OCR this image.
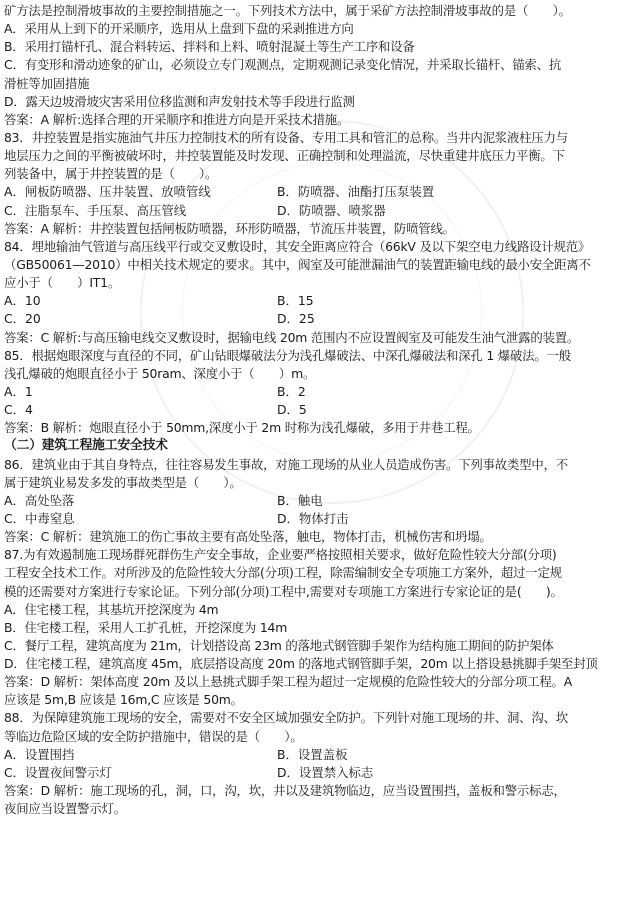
矿方法是控制滑坡事故的主要控制措施之一。下列技术方法中，属于采矿方法控制滑坡事故的是（　　）。
A．采用从上到下的开采顺序，选用从上盘到下盘的采剥推进方向
B．采用打锚杆孔、混合料转运、拌料和上料、喷射混凝土等生产工序和设备
C．有变形和滑动迹象的矿山，必须设立专门观测点，定期观测记录变化情况，并采取长锚杆、锚索、抗
滑桩等加固措施
D．露天边坡滑坡灾害采用位移监测和声发射技术等手段进行监测
答案：A 解析:选择合理的开采顺序和推进方向是开采技术措施。
83．井控装置是指实施油气井压力控制技术的所有设备、专用工具和管汇的总称。当井内泥浆液柱压力与
地层压力之间的平衡被破坏时，井控装置能及时发现、正确控制和处理溢流，尽快重建井底压力平衡。下
列装备中，属于井控装置的是（　　）。
A．闸板防喷器、压井装置、放喷管线	B．防喷器、油酯打压泵装置
C．注脂泵车、手压泵、高压管线	D．防喷器、喷浆器
答案：A 解析：井控装置包括闸板防喷器，环形防喷器，节流压井装置，防喷管线。
84．埋地输油气管道与高压线平行或交叉敷设时，其安全距离应符合（66kV 及以下架空电力线路设计规范》
（GB50061—2010）中相关技术规定的要求。其中，阀室及可能泄漏油气的装置距输电线的最小安全距离不
应小于（　　）IT1。
A．10	B．15
C．20	D．25
答案：C 解析:与高压输电线交叉敷设时，据输电线 20m 范围内不应设置阀室及可能发生油气泄露的装置。
85．根据炮眼深度与直径的不同，矿山钻眼爆破法分为浅孔爆破法、中深孔爆破法和深孔 1 爆破法。一般
浅孔爆破的炮眼直径小于 50ram、深度小于（　　）m。
A．1	B．2
C．4	D．5
答案：B 解析：炮眼直径小于 50mm,深度小于 2m 时称为浅孔爆破，多用于井巷工程。
（二）建筑工程施工安全技术
86．建筑业由于其自身特点，往往容易发生事故，对施工现场的从业人员造成伤害。下列事故类型中，不
属于建筑业易发多发的事故类型是（　　）。
A．高处坠落	B．触电
C．中毒窒息	D．物体打击
答案：C 解析：建筑施工的伤亡事故主要有高处坠落，触电，物体打击，机械伤害和坍塌。
87.为有效遏制施工现场群死群伤生产安全事故，企业要严格按照相关要求，做好危险性较大分部(分项)
工程安全技术工作。对所涉及的危险性较大分部(分项)工程，除需编制安全专项施工方案外，超过一定规
模的还需要对方案进行专家论证。下列分部(分项)工程中,需要对专项施工方案进行专家论证的是(　　)。
A．住宅楼工程，其基坑开挖深度为 4m
B．住宅楼工程，采用人工扩孔桩，开挖深度为 14m
C．餐厅工程，建筑高度为 21m，计划搭设高 23m 的落地式钢管脚手架作为结构施工期间的防护架体
D．住宅楼工程，建筑高度 45m，底层搭设高度 20m 的落地式钢管脚手架，20m 以上搭设悬挑脚手架至封顶
答案：D 解析：架体高度 20m 及以上悬挑式脚手架工程为超过一定规模的危险性较大的分部分项工程。A
应该是 5m,B 应该是 16m,C 应该是 50m。
88．为保障建筑施工现场的安全，需要对不安全区域加强安全防护。下列针对施工现场的井、洞、沟、坎
等临边危险区域的安全防护措施中，错误的是（　　）。
A．设置围挡	B．设置盖板
C．设置夜间警示灯	D．设置禁入标志
答案：D 解析：施工现场的孔，洞，口，沟，坎，井以及建筑物临边，应当设置围挡，盖板和警示标志，
夜间应当设置警示灯。
